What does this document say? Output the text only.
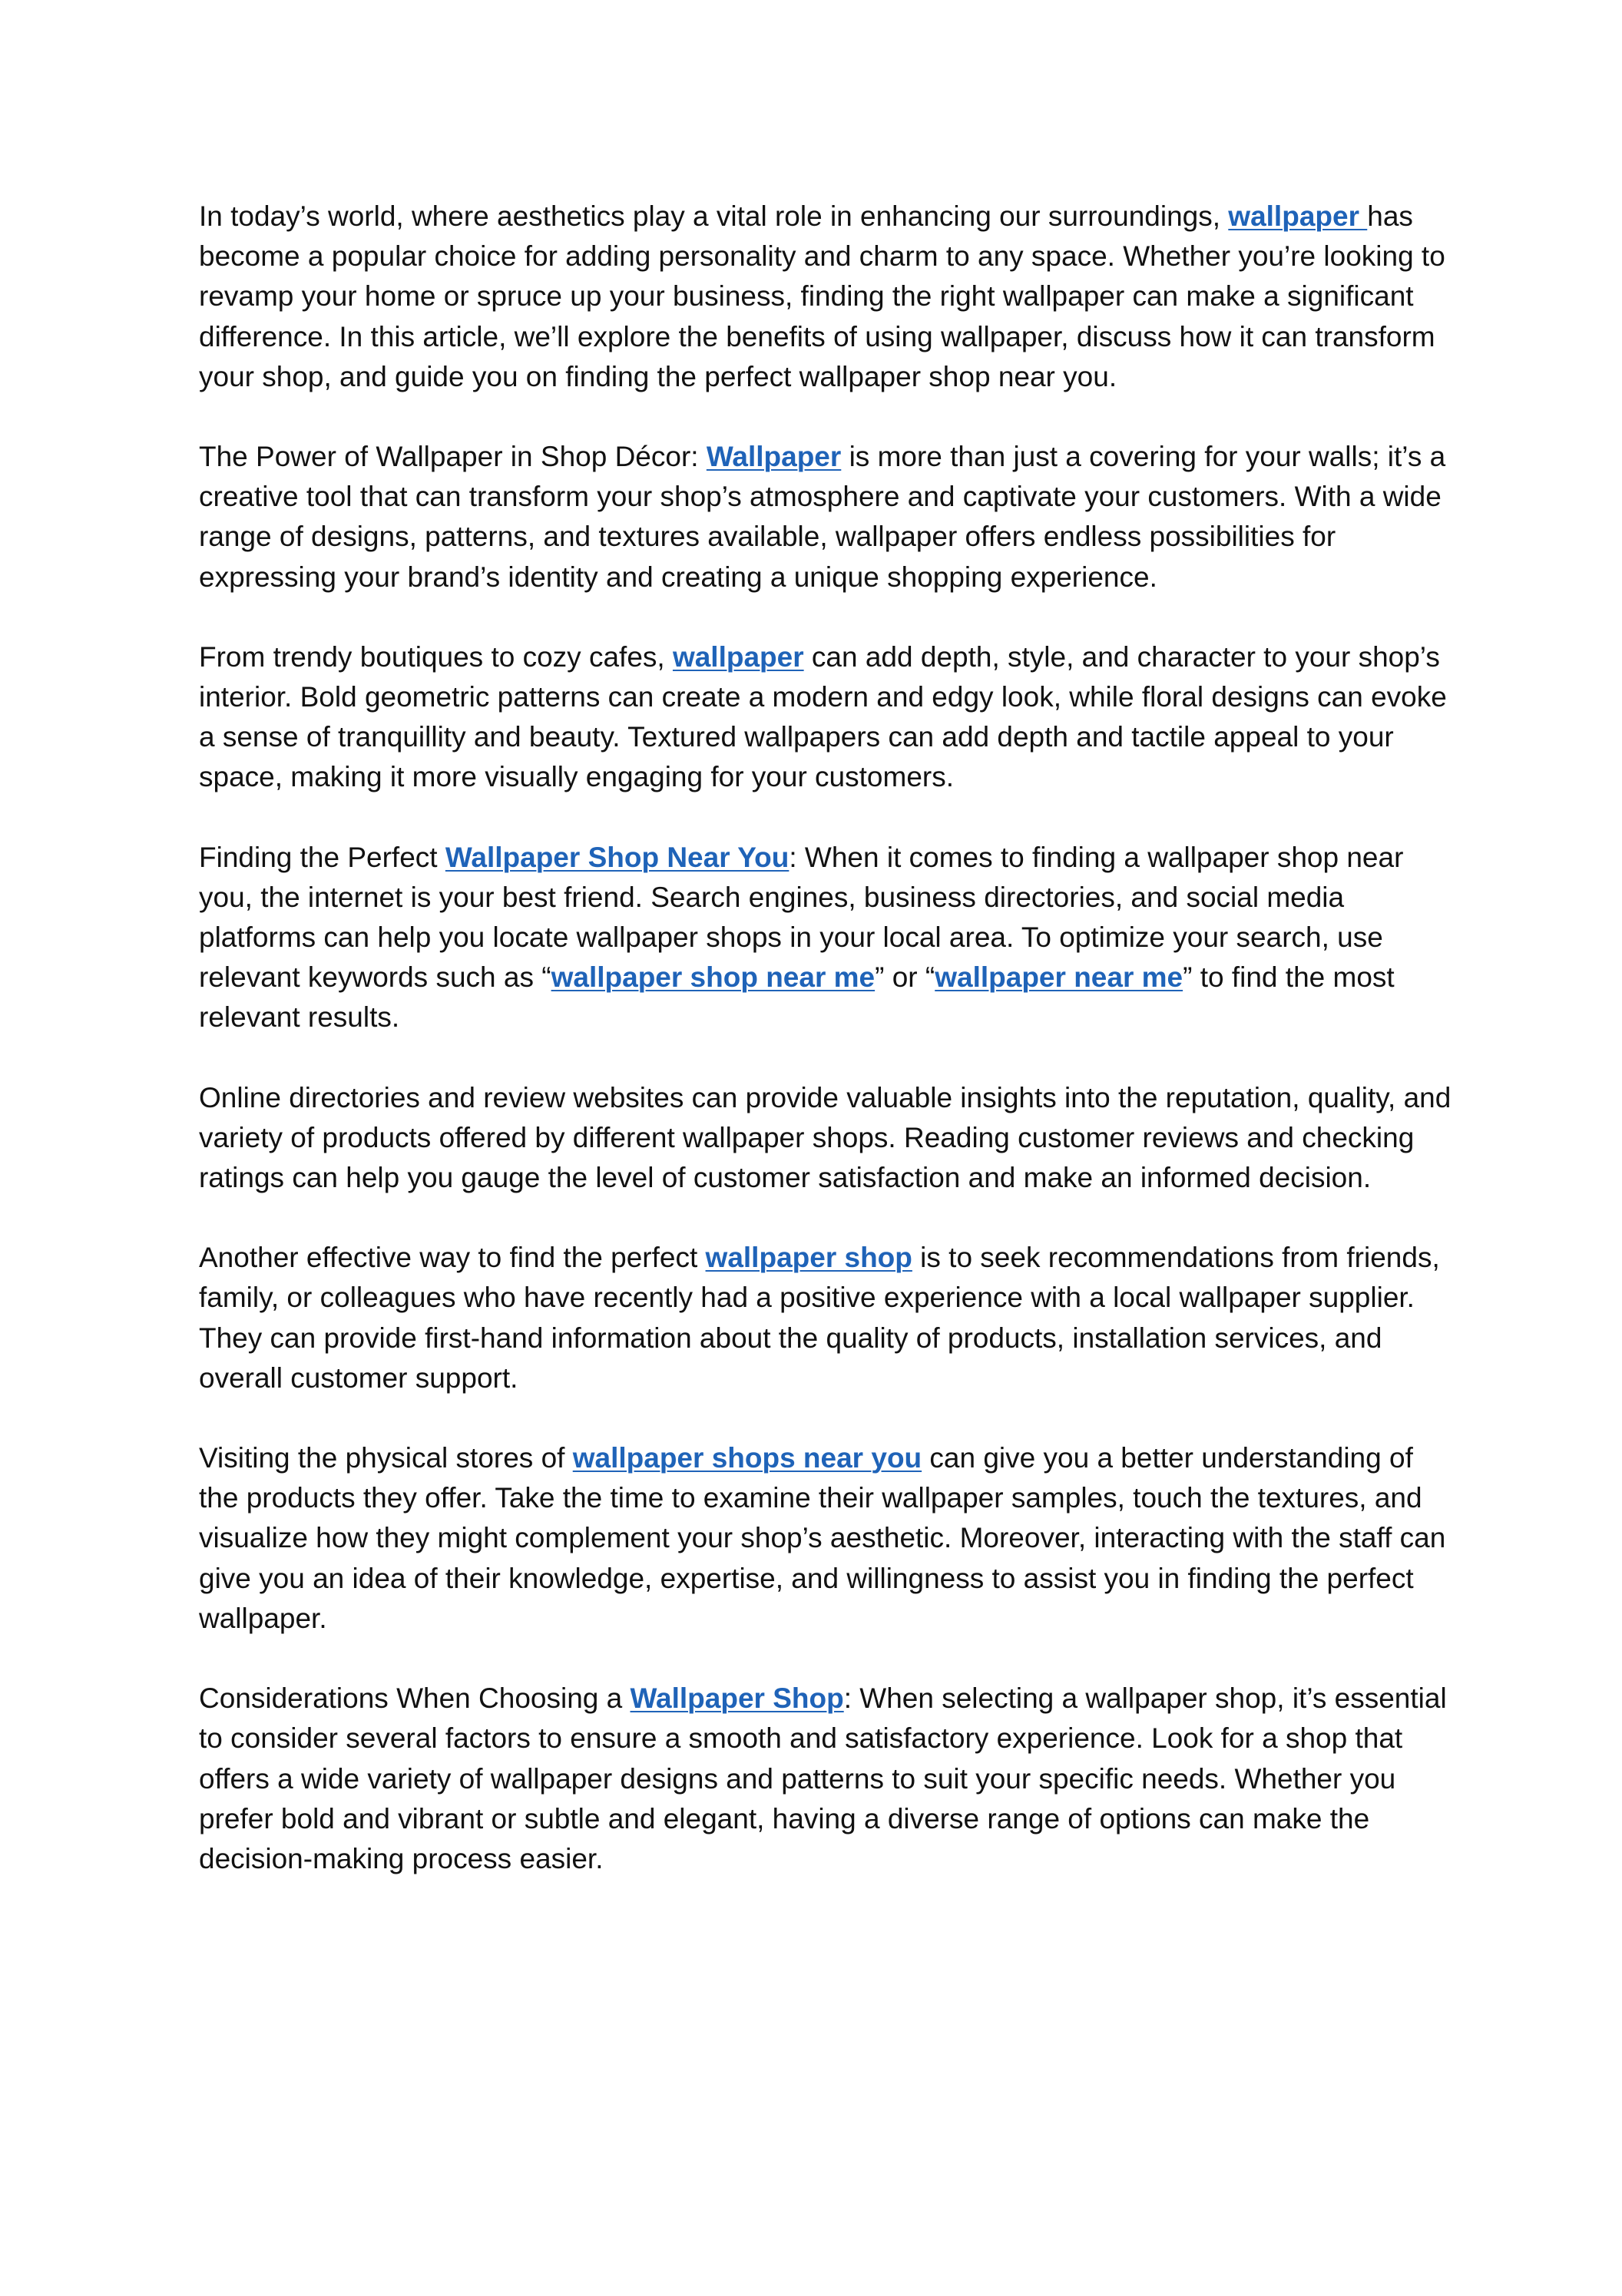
In today’s world, where aesthetics play a vital role in enhancing our surroundings, wallpaper has become a popular choice for adding personality and charm to any space. Whether you’re looking to revamp your home or spruce up your business, finding the right wallpaper can make a significant difference. In this article, we’ll explore the benefits of using wallpaper, discuss how it can transform your shop, and guide you on finding the perfect wallpaper shop near you.

The Power of Wallpaper in Shop Décor: Wallpaper is more than just a covering for your walls; it’s a creative tool that can transform your shop’s atmosphere and captivate your customers. With a wide range of designs, patterns, and textures available, wallpaper offers endless possibilities for expressing your brand’s identity and creating a unique shopping experience.

From trendy boutiques to cozy cafes, wallpaper can add depth, style, and character to your shop’s interior. Bold geometric patterns can create a modern and edgy look, while floral designs can evoke a sense of tranquillity and beauty. Textured wallpapers can add depth and tactile appeal to your space, making it more visually engaging for your customers.

Finding the Perfect Wallpaper Shop Near You: When it comes to finding a wallpaper shop near you, the internet is your best friend. Search engines, business directories, and social media platforms can help you locate wallpaper shops in your local area. To optimize your search, use relevant keywords such as “wallpaper shop near me” or “wallpaper near me” to find the most relevant results.

Online directories and review websites can provide valuable insights into the reputation, quality, and variety of products offered by different wallpaper shops. Reading customer reviews and checking ratings can help you gauge the level of customer satisfaction and make an informed decision.

Another effective way to find the perfect wallpaper shop is to seek recommendations from friends, family, or colleagues who have recently had a positive experience with a local wallpaper supplier. They can provide first-hand information about the quality of products, installation services, and overall customer support.

Visiting the physical stores of wallpaper shops near you can give you a better understanding of the products they offer. Take the time to examine their wallpaper samples, touch the textures, and visualize how they might complement your shop’s aesthetic. Moreover, interacting with the staff can give you an idea of their knowledge, expertise, and willingness to assist you in finding the perfect wallpaper.

Considerations When Choosing a Wallpaper Shop: When selecting a wallpaper shop, it’s essential to consider several factors to ensure a smooth and satisfactory experience. Look for a shop that offers a wide variety of wallpaper designs and patterns to suit your specific needs. Whether you prefer bold and vibrant or subtle and elegant, having a diverse range of options can make the decision-making process easier.
